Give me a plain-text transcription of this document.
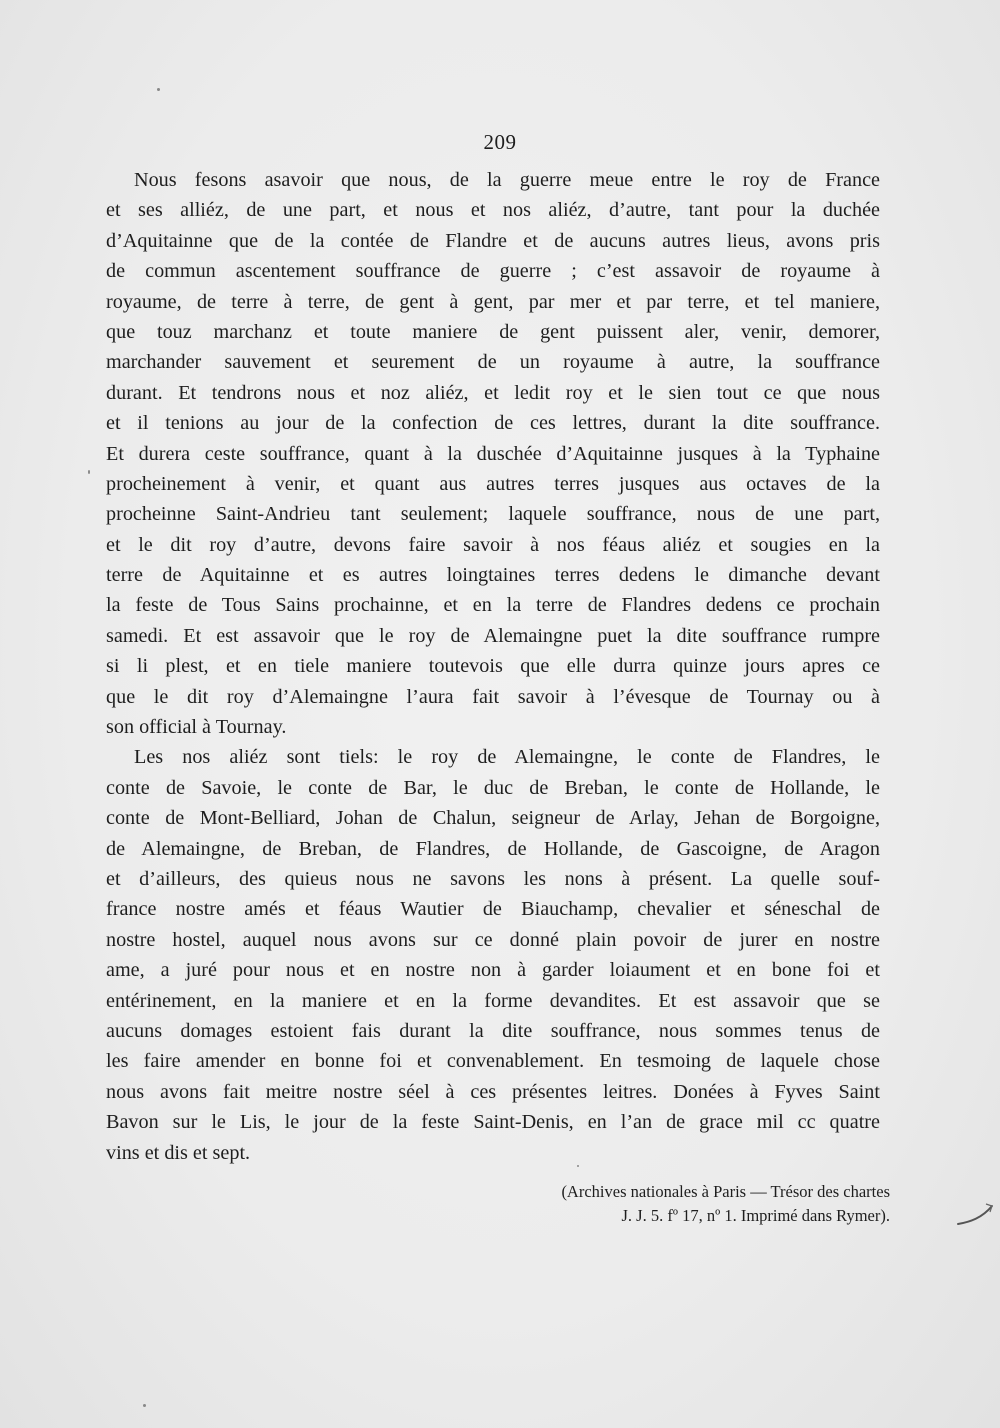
209
Nous fesons asavoir que nous, de la guerre meue entre le roy de France
et ses alliéz, de une part, et nous et nos aliéz, d’autre, tant pour la duchée
d’Aquitainne que de la contée de Flandre et de aucuns autres lieus, avons pris
de commun ascentement souffrance de guerre ; c’est assavoir de royaume à
royaume, de terre à terre, de gent à gent, par mer et par terre, et tel maniere,
que touz marchanz et toute maniere de gent puissent aler, venir, demorer,
marchander sauvement et seurement de un royaume à autre, la souffrance
durant. Et tendrons nous et noz aliéz, et ledit roy et le sien tout ce que nous
et il tenions au jour de la confection de ces lettres, durant la dite souffrance.
Et durera ceste souffrance, quant à la duschée d’Aquitainne jusques à la Typhaine
procheinement à venir, et quant aus autres terres jusques aus octaves de la
procheinne Saint-Andrieu tant seulement; laquele souffrance, nous de une part,
et le dit roy d’autre, devons faire savoir à nos féaus aliéz et sougies en la
terre de Aquitainne et es autres loingtaines terres dedens le dimanche devant
la feste de Tous Sains prochainne, et en la terre de Flandres dedens ce prochain
samedi. Et est assavoir que le roy de Alemaingne puet la dite souffrance rumpre
si li plest, et en tiele maniere toutevois que elle durra quinze jours apres ce
que le dit roy d’Alemaingne l’aura fait savoir à l’évesque de Tournay ou à
son official à Tournay.
Les nos aliéz sont tiels: le roy de Alemaingne, le conte de Flandres, le
conte de Savoie, le conte de Bar, le duc de Breban, le conte de Hollande, le
conte de Mont-Belliard, Johan de Chalun, seigneur de Arlay, Jehan de Borgoigne,
de Alemaingne, de Breban, de Flandres, de Hollande, de Gascoigne, de Aragon
et d’ailleurs, des quieus nous ne savons les nons à présent. La quelle souf-
france nostre amés et féaus Wautier de Biauchamp, chevalier et séneschal de
nostre hostel, auquel nous avons sur ce donné plain povoir de jurer en nostre
ame, a juré pour nous et en nostre non à garder loiaument et en bone foi et
entérinement, en la maniere et en la forme devandites. Et est assavoir que se
aucuns domages estoient fais durant la dite souffrance, nous sommes tenus de
les faire amender en bonne foi et convenablement. En tesmoing de laquele chose
nous avons fait meitre nostre séel à ces présentes leitres. Donées à Fyves Saint
Bavon sur le Lis, le jour de la feste Saint-Denis, en l’an de grace mil cc quatre
vins et dis et sept.
(Archives nationales à Paris — Trésor des chartes
J. J. 5. fº 17, nº 1. Imprimé dans Rymer).
